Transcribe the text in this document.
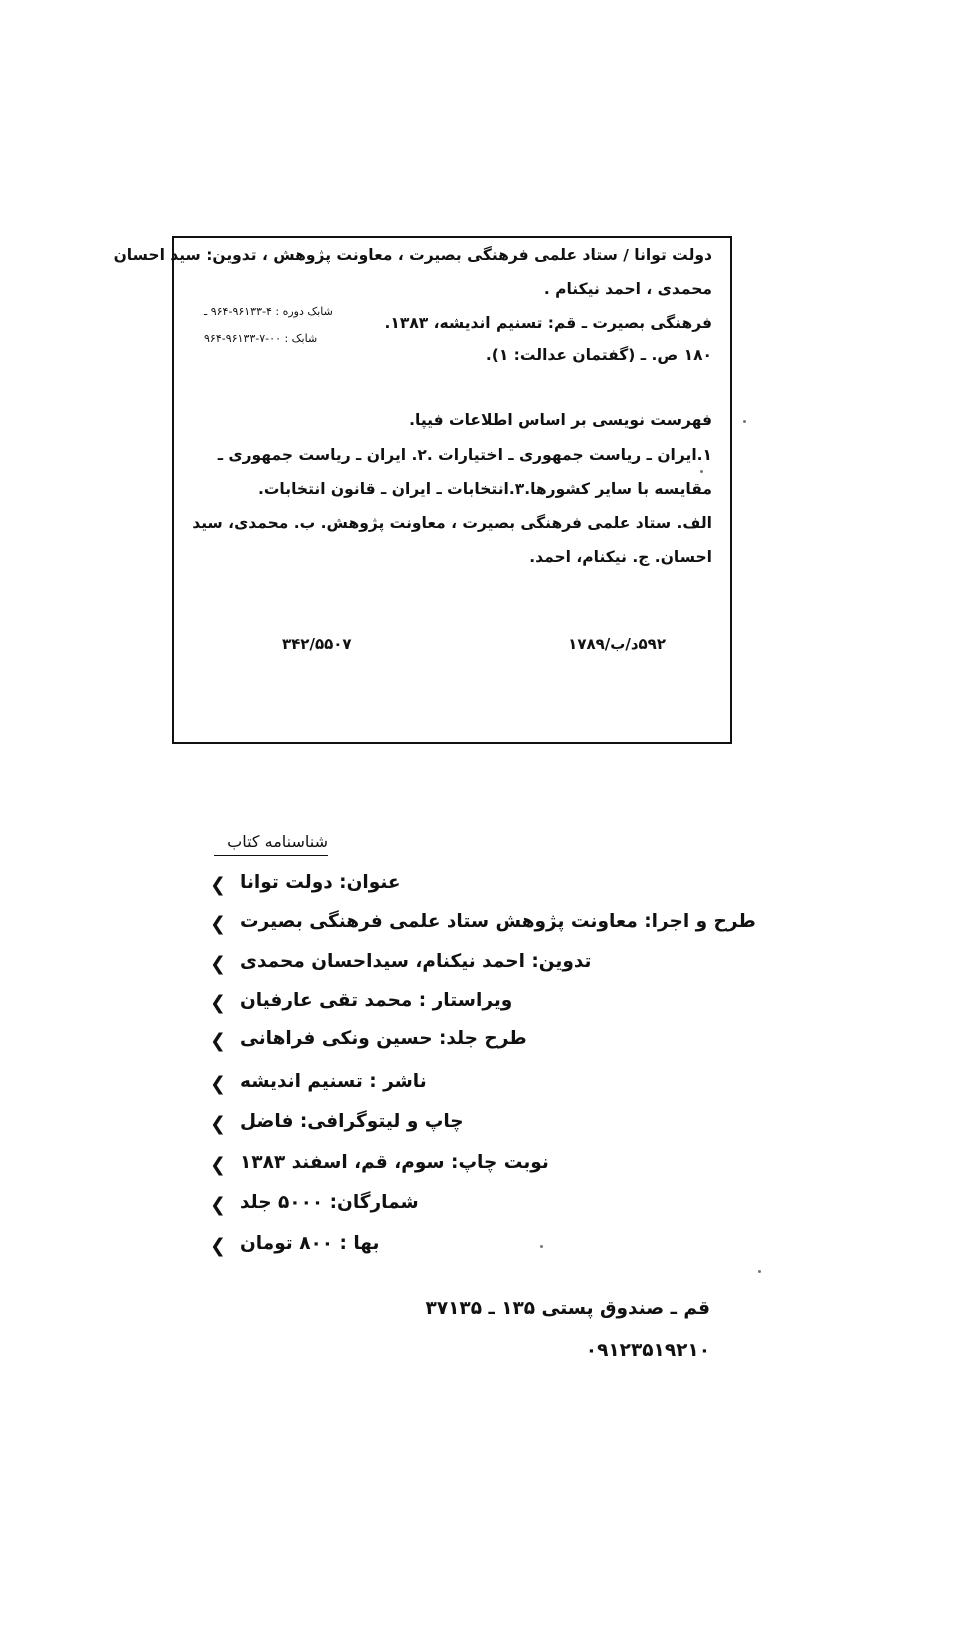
دولت توانا / ستاد علمی فرهنگی بصیرت ، معاونت پژوهش ، تدوین: سید احسان
محمدی ، احمد نیکنام .
فرهنگی بصیرت ـ قم: تسنیم اندیشه، ۱۳۸۳.
۱۸۰ ص. ـ (گفتمان عدالت: ۱).
شابک دوره : ۴-۹۶۱۳۳-۹۶۴ ـ
شابک : ۰۰-۷-۹۶۱۳۳-۹۶۴
فهرست نویسی بر اساس اطلاعات فیپا.
۱.ایران ـ ریاست جمهوری ـ اختیارات .۲. ایران ـ ریاست جمهوری ـ
مقایسه با سایر کشورها.۳.انتخابات ـ ایران ـ قانون انتخابات.
الف. ستاد علمی فرهنگی بصیرت ، معاونت پژوهش. ب. محمدی، سید
احسان. ج. نیکنام، احمد.
۳۴۲/۵۵۰۷	۵۹۲د/ب/۱۷۸۹
شناسنامه کتاب
❮ عنوان: دولت توانا
❮ طرح و اجرا: معاونت پژوهش ستاد علمی فرهنگی بصیرت
❮ تدوین: احمد نیکنام، سیداحسان محمدی
❮ ویراستار : محمد تقی عارفیان
❮ طرح جلد: حسین ونکی فراهانی
❮ ناشر : تسنیم اندیشه
❮ چاپ و لیتوگرافی: فاضل
❮ نوبت چاپ: سوم، قم، اسفند ۱۳۸۳
❮ شمارگان: ۵۰۰۰ جلد
❮ بها : ۸۰۰ تومان
قم ـ صندوق پستی ۱۳۵ ـ ۳۷۱۳۵
۰۹۱۲۳۵۱۹۲۱۰
